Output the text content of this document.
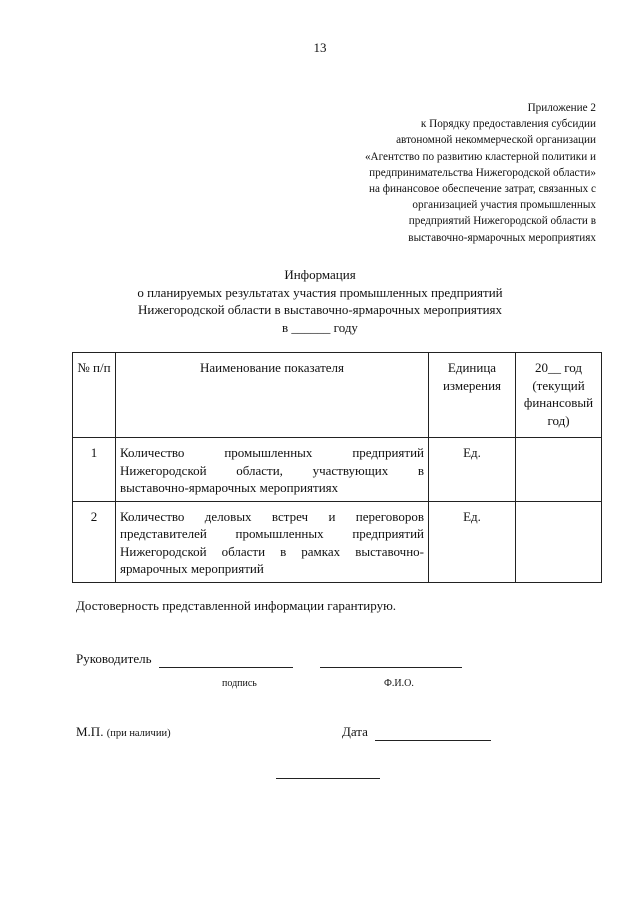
13
Приложение 2
к Порядку предоставления субсидии
автономной некоммерческой организации
«Агентство по развитию кластерной политики и
предпринимательства Нижегородской области»
на финансовое обеспечение затрат, связанных с
организацией участия промышленных
предприятий Нижегородской области в
выставочно-ярмарочных мероприятиях
Информация
о планируемых результатах участия промышленных предприятий
Нижегородской области в выставочно-ярмарочных мероприятиях
в ______ году
№ п/п	Наименование показателя	Единица измерения	20__ год (текущий финансовый год)
1	Количество промышленных предприятий Нижегородской области, участвующих в
выставочно-ярмарочных мероприятиях	Ед.	
2	Количество деловых встреч и переговоров представителей промышленных предприятий Нижегородской области в рамках выставочно-
ярмарочных мероприятий	Ед.	
Достоверность представленной информации гарантирую.
Руководитель
подпись	Ф.И.О.
М.П. (при наличии)	Дата
